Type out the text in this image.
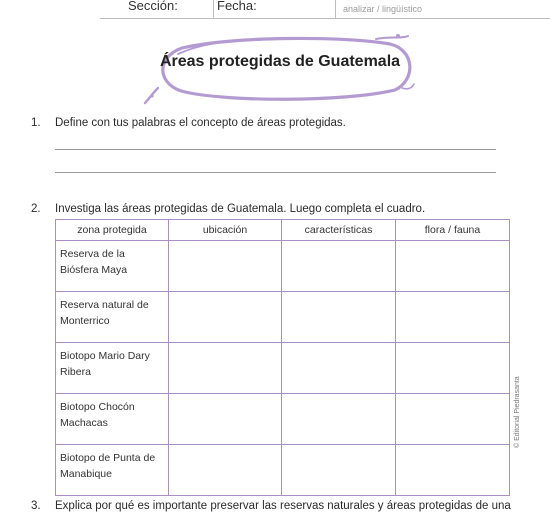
Sección:	Fecha:	analizar / lingüístico
Áreas protegidas de Guatemala
1. Define con tus palabras el concepto de áreas protegidas.
2. Investiga las áreas protegidas de Guatemala. Luego completa el cuadro.
zona protegida	ubicación	características	flora / fauna
Reserva de la Biósfera Maya			
Reserva natural de Monterrico			
Biotopo Mario Dary Ribera			
Biotopo Chocón Machacas			
Biotopo de Punta de Manabique			
3. Explica por qué es importante preservar las reservas naturales y áreas protegidas de una
© Editorial Piedrasanta
